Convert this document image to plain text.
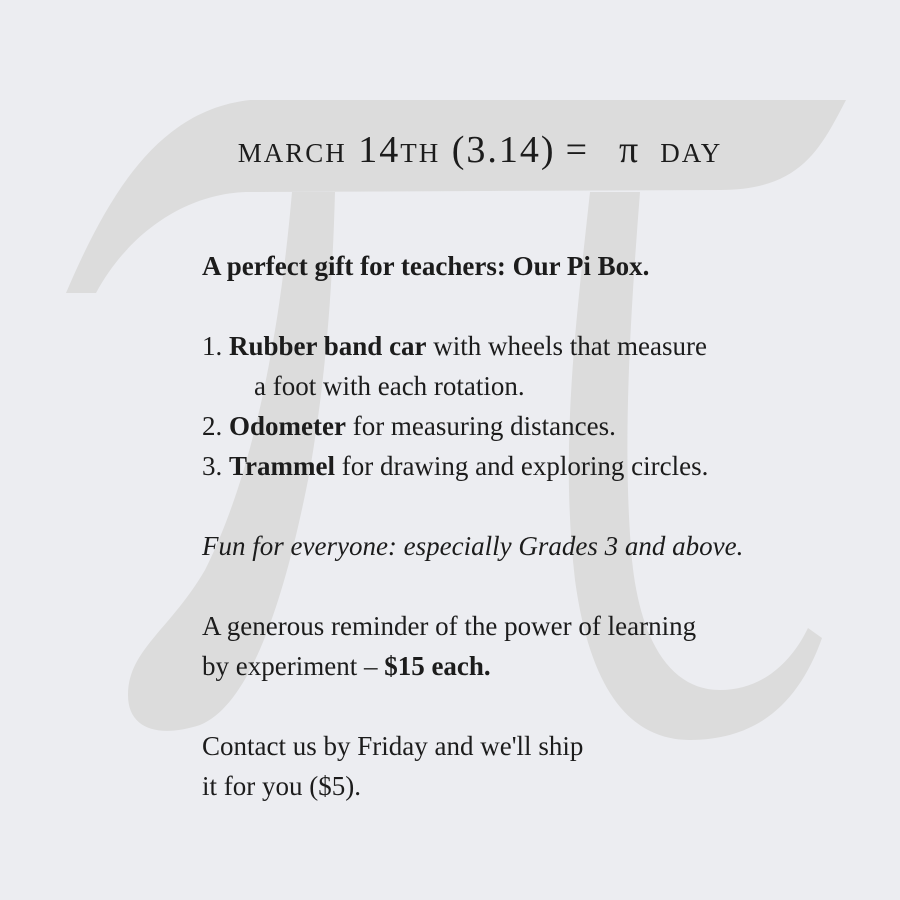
march 14th (3.14) = π day

A perfect gift for teachers: Our Pi Box.

1. Rubber band car with wheels that measure

a foot with each rotation.

2. Odometer for measuring distances.

3. Trammel for drawing and exploring circles.

Fun for everyone: especially Grades 3 and above.

A generous reminder of the power of learning

by experiment – $15 each.

Contact us by Friday and we'll ship

it for you ($5).
